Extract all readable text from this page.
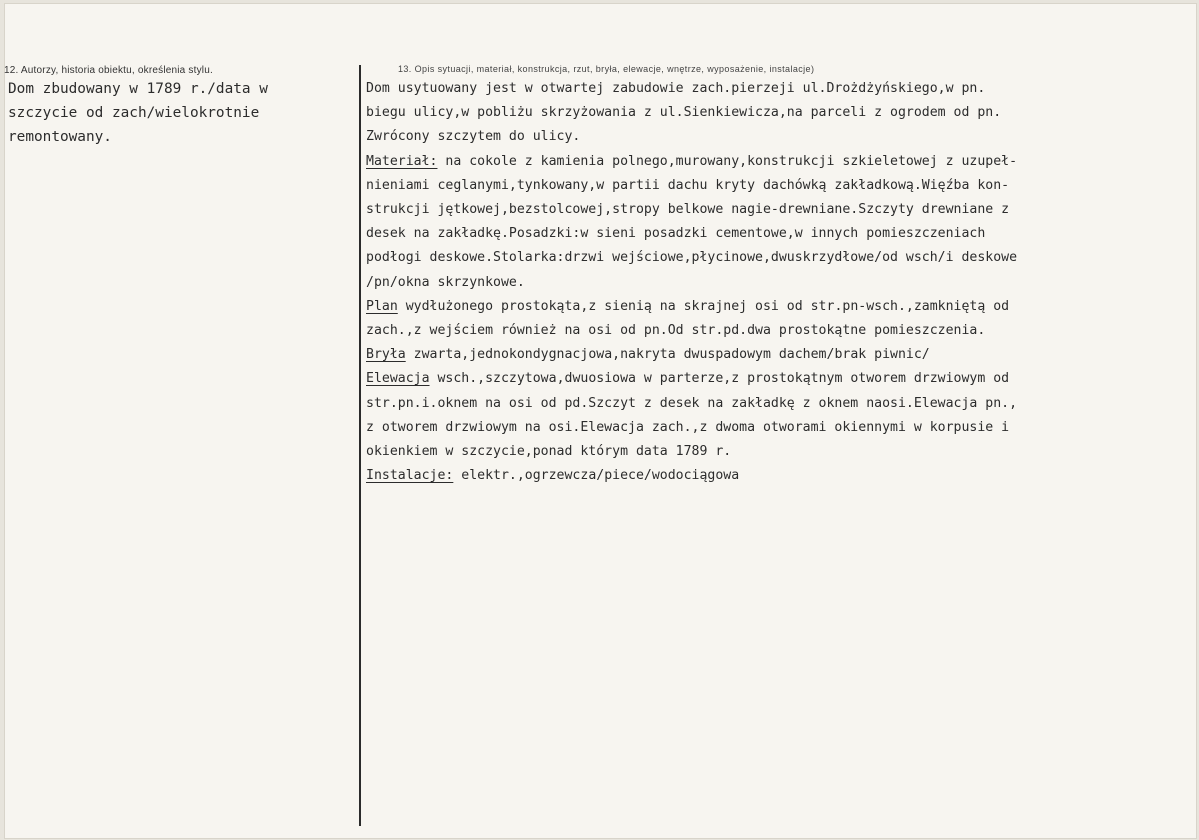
12. Autorzy, historia obiektu, określenia stylu.
Dom zbudowany w 1789 r./data w
szczycie od zach/wielokrotnie
remontowany.
13. Opis sytuacji, materiał, konstrukcja, rzut, bryła, elewacje, wnętrze, wyposażenie, instalacje)
Dom usytuowany jest w otwartej zabudowie zach.pierzeji ul.Drożdżyńskiego,w pn.
biegu ulicy,w pobliżu skrzyżowania z ul.Sienkiewicza,na parceli z ogrodem od pn.
Zwrócony szczytem do ulicy.
Materiał: na cokole z kamienia polnego,murowany,konstrukcji szkieletowej z uzupeł-
nieniami ceglanymi,tynkowany,w partii dachu kryty dachówką zakładkową.Więźba kon-
strukcji jętkowej,bezstolcowej,stropy belkowe nagie-drewniane.Szczyty drewniane z
desek na zakładkę.Posadzki:w sieni posadzki cementowe,w innych pomieszczeniach
podłogi deskowe.Stolarka:drzwi wejściowe,płycinowe,dwuskrzydłowe/od wsch/i deskowe
/pn/okna skrzynkowe.
Plan wydłużonego prostokąta,z sienią na skrajnej osi od str.pn-wsch.,zamkniętą od
zach.,z wejściem również na osi od pn.Od str.pd.dwa prostokątne pomieszczenia.
Bryła zwarta,jednokondygnacjowa,nakryta dwuspadowym dachem/brak piwnic/
Elewacja wsch.,szczytowa,dwuosiowa w parterze,z prostokątnym otworem drzwiowym od
str.pn.i.oknem na osi od pd.Szczyt z desek na zakładkę z oknem naosi.Elewacja pn.,
z otworem drzwiowym na osi.Elewacja zach.,z dwoma otworami okiennymi w korpusie i
okienkiem w szczycie,ponad którym data 1789 r.
Instalacje: elektr.,ogrzewcza/piece/wodociągowa
